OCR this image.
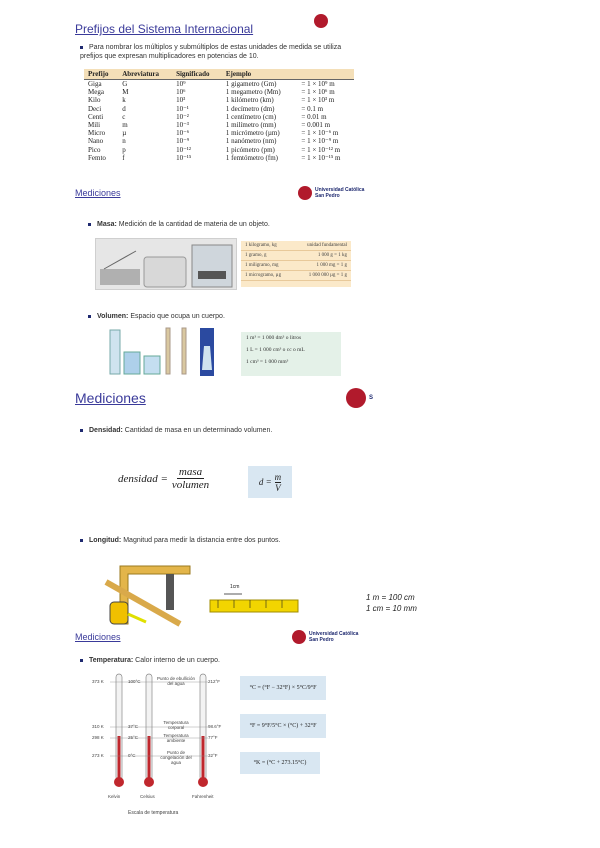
Prefijos del Sistema Internacional
Para nombrar los múltiplos y submúltiplos de estas unidades de medida se utiliza prefijos que expresan multiplicadores en potencias de 10.
Prefijo	Abreviatura	Significado	Ejemplo	
Giga	G	10⁹	1 gigametro (Gm)	= 1 × 10⁹ m
Mega	M	10⁶	1 megametro (Mm)	= 1 × 10⁶ m
Kilo	k	10³	1 kilómetro (km)	= 1 × 10³ m
Deci	d	10⁻¹	1 decímetro (dm)	= 0.1 m
Centi	c	10⁻²	1 centímetro (cm)	= 0.01 m
Mili	m	10⁻³	1 milímetro (mm)	= 0.001 m
Micro	µ	10⁻⁶	1 micrómetro (µm)	= 1 × 10⁻⁶ m
Nano	n	10⁻⁹	1 nanómetro (nm)	= 1 × 10⁻⁹ m
Pico	p	10⁻¹²	1 picómetro (pm)	= 1 × 10⁻¹² m
Femto	f	10⁻¹⁵	1 femtómetro (fm)	= 1 × 10⁻¹⁵ m
Mediciones	Universidad Católica
San Pedro
Masa: Medición de la cantidad de materia de un objeto.
1 kilogramo, kg	unidad fundamental
1 gramo, g	1 000 g = 1 kg
1 miligramo, mg	1 000 mg = 1 g
1 microgramo, µg	1 000 000 µg = 1 g
Volumen: Espacio que ocupa un cuerpo.
1 m³ = 1 000 dm³ o litros
1 L = 1 000 cm³ o cc o mL
1 cm³ = 1 000 mm³
Mediciones	S
Densidad: Cantidad de masa en un determinado volumen.
densidad =
masa
volumen	$d = \frac{m}{V}$
Longitud: Magnitud para medir la distancia entre dos puntos.
1cm
1 m = 100 cm
1 cm = 10 mm
Mediciones	Universidad Católica
San Pedro
Temperatura: Calor interno de un cuerpo.
373 K
310 K
298 K
273 K
100°C
37°C
25°C
0°C
212°F
98.6°F
77°F
32°F
Punto de ebullición del agua
Temperatura corporal
Temperatura ambiente
Punto de congelación del agua
Kelvin	Celsius	Fahrenheit
Escala de temperatura
°C = (°F − 32°F) × 5°C/9°F
°F = 9°F/5°C × (°C) + 32°F
°K = (°C + 273.15°C)
